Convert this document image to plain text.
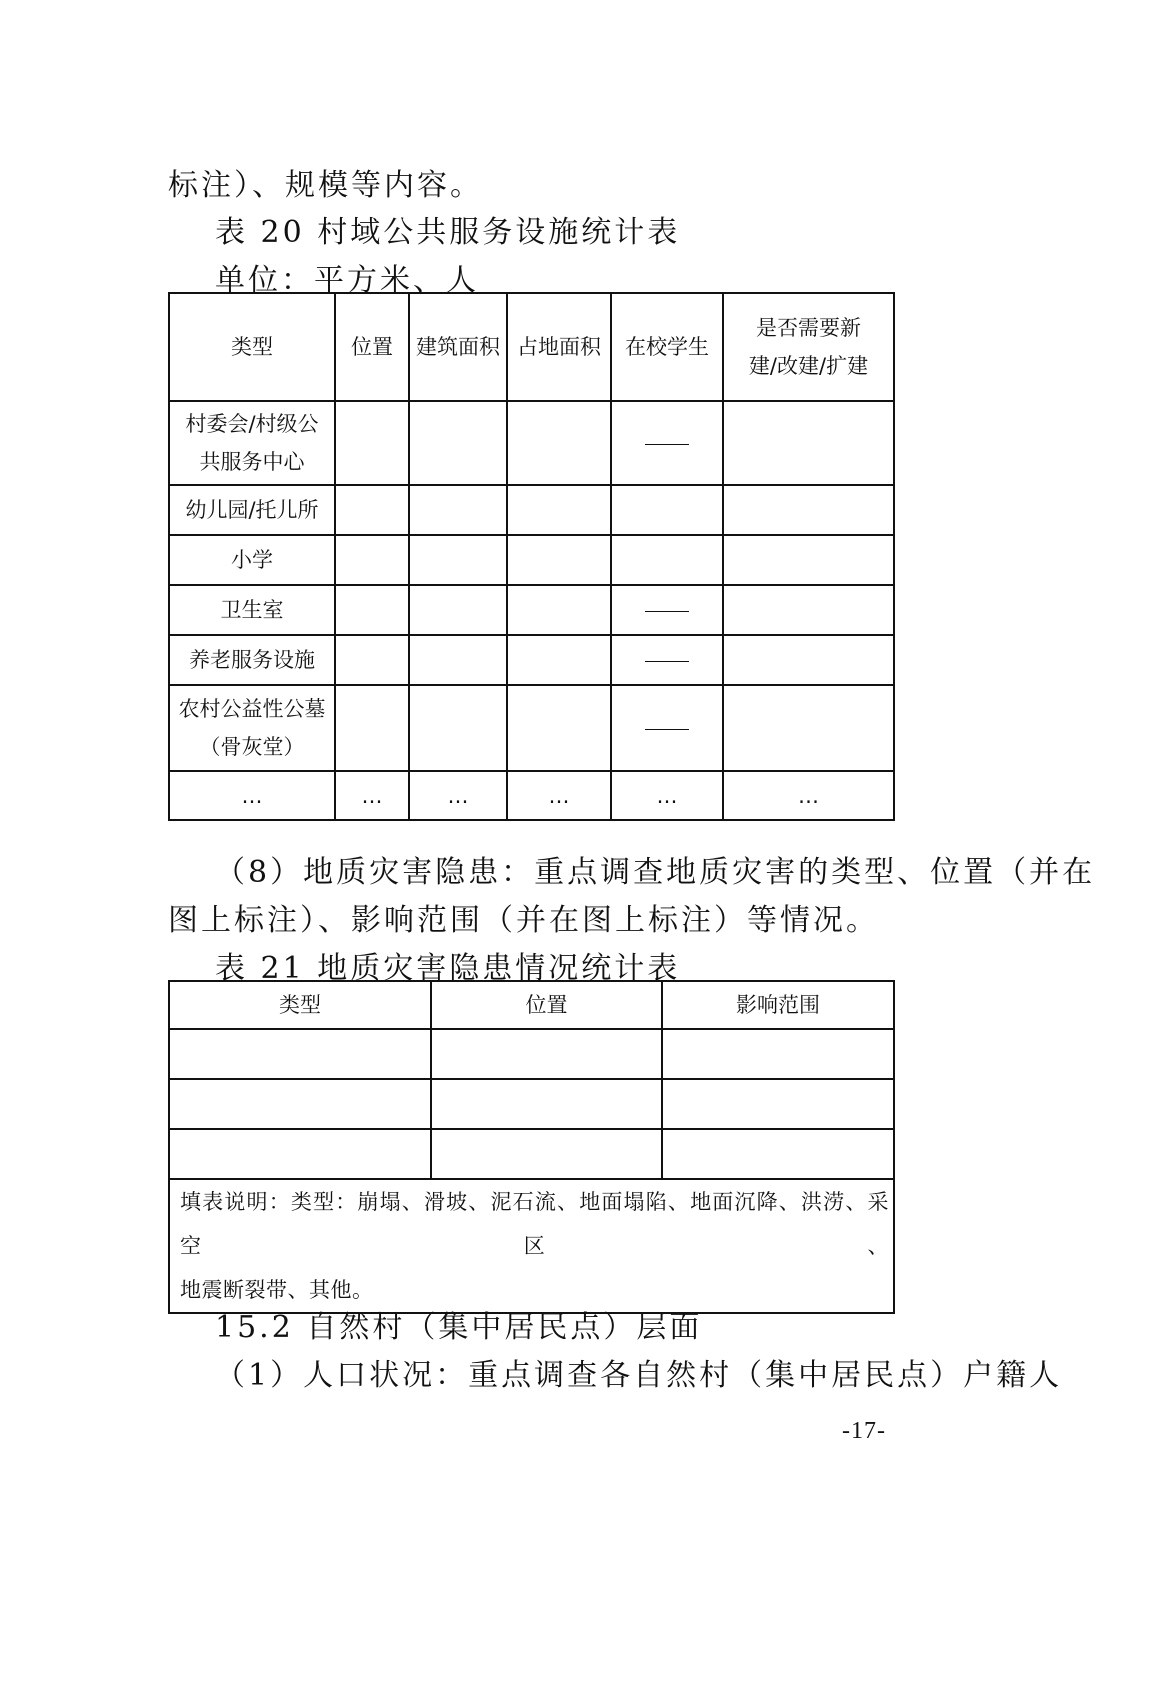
标注）、规模等内容。
表 20 村域公共服务设施统计表
单位：平方米、人
类型	位置	建筑面积	占地面积	在校学生	是否需要新建/改建/扩建
村委会/村级公共服务中心					
幼儿园/托儿所					
小学					
卫生室					
养老服务设施					
农村公益性公墓（骨灰堂）					
…	…	…	…	…	…
（8）地质灾害隐患：重点调查地质灾害的类型、位置（并在
图上标注）、影响范围（并在图上标注）等情况。
表 21 地质灾害隐患情况统计表
类型	位置	影响范围

填表说明：类型：崩塌、滑坡、泥石流、地面塌陷、地面沉降、洪涝、采空区、
地震断裂带、其他。		
15.2 自然村（集中居民点）层面
（1）人口状况：重点调查各自然村（集中居民点）户籍人
-17-
